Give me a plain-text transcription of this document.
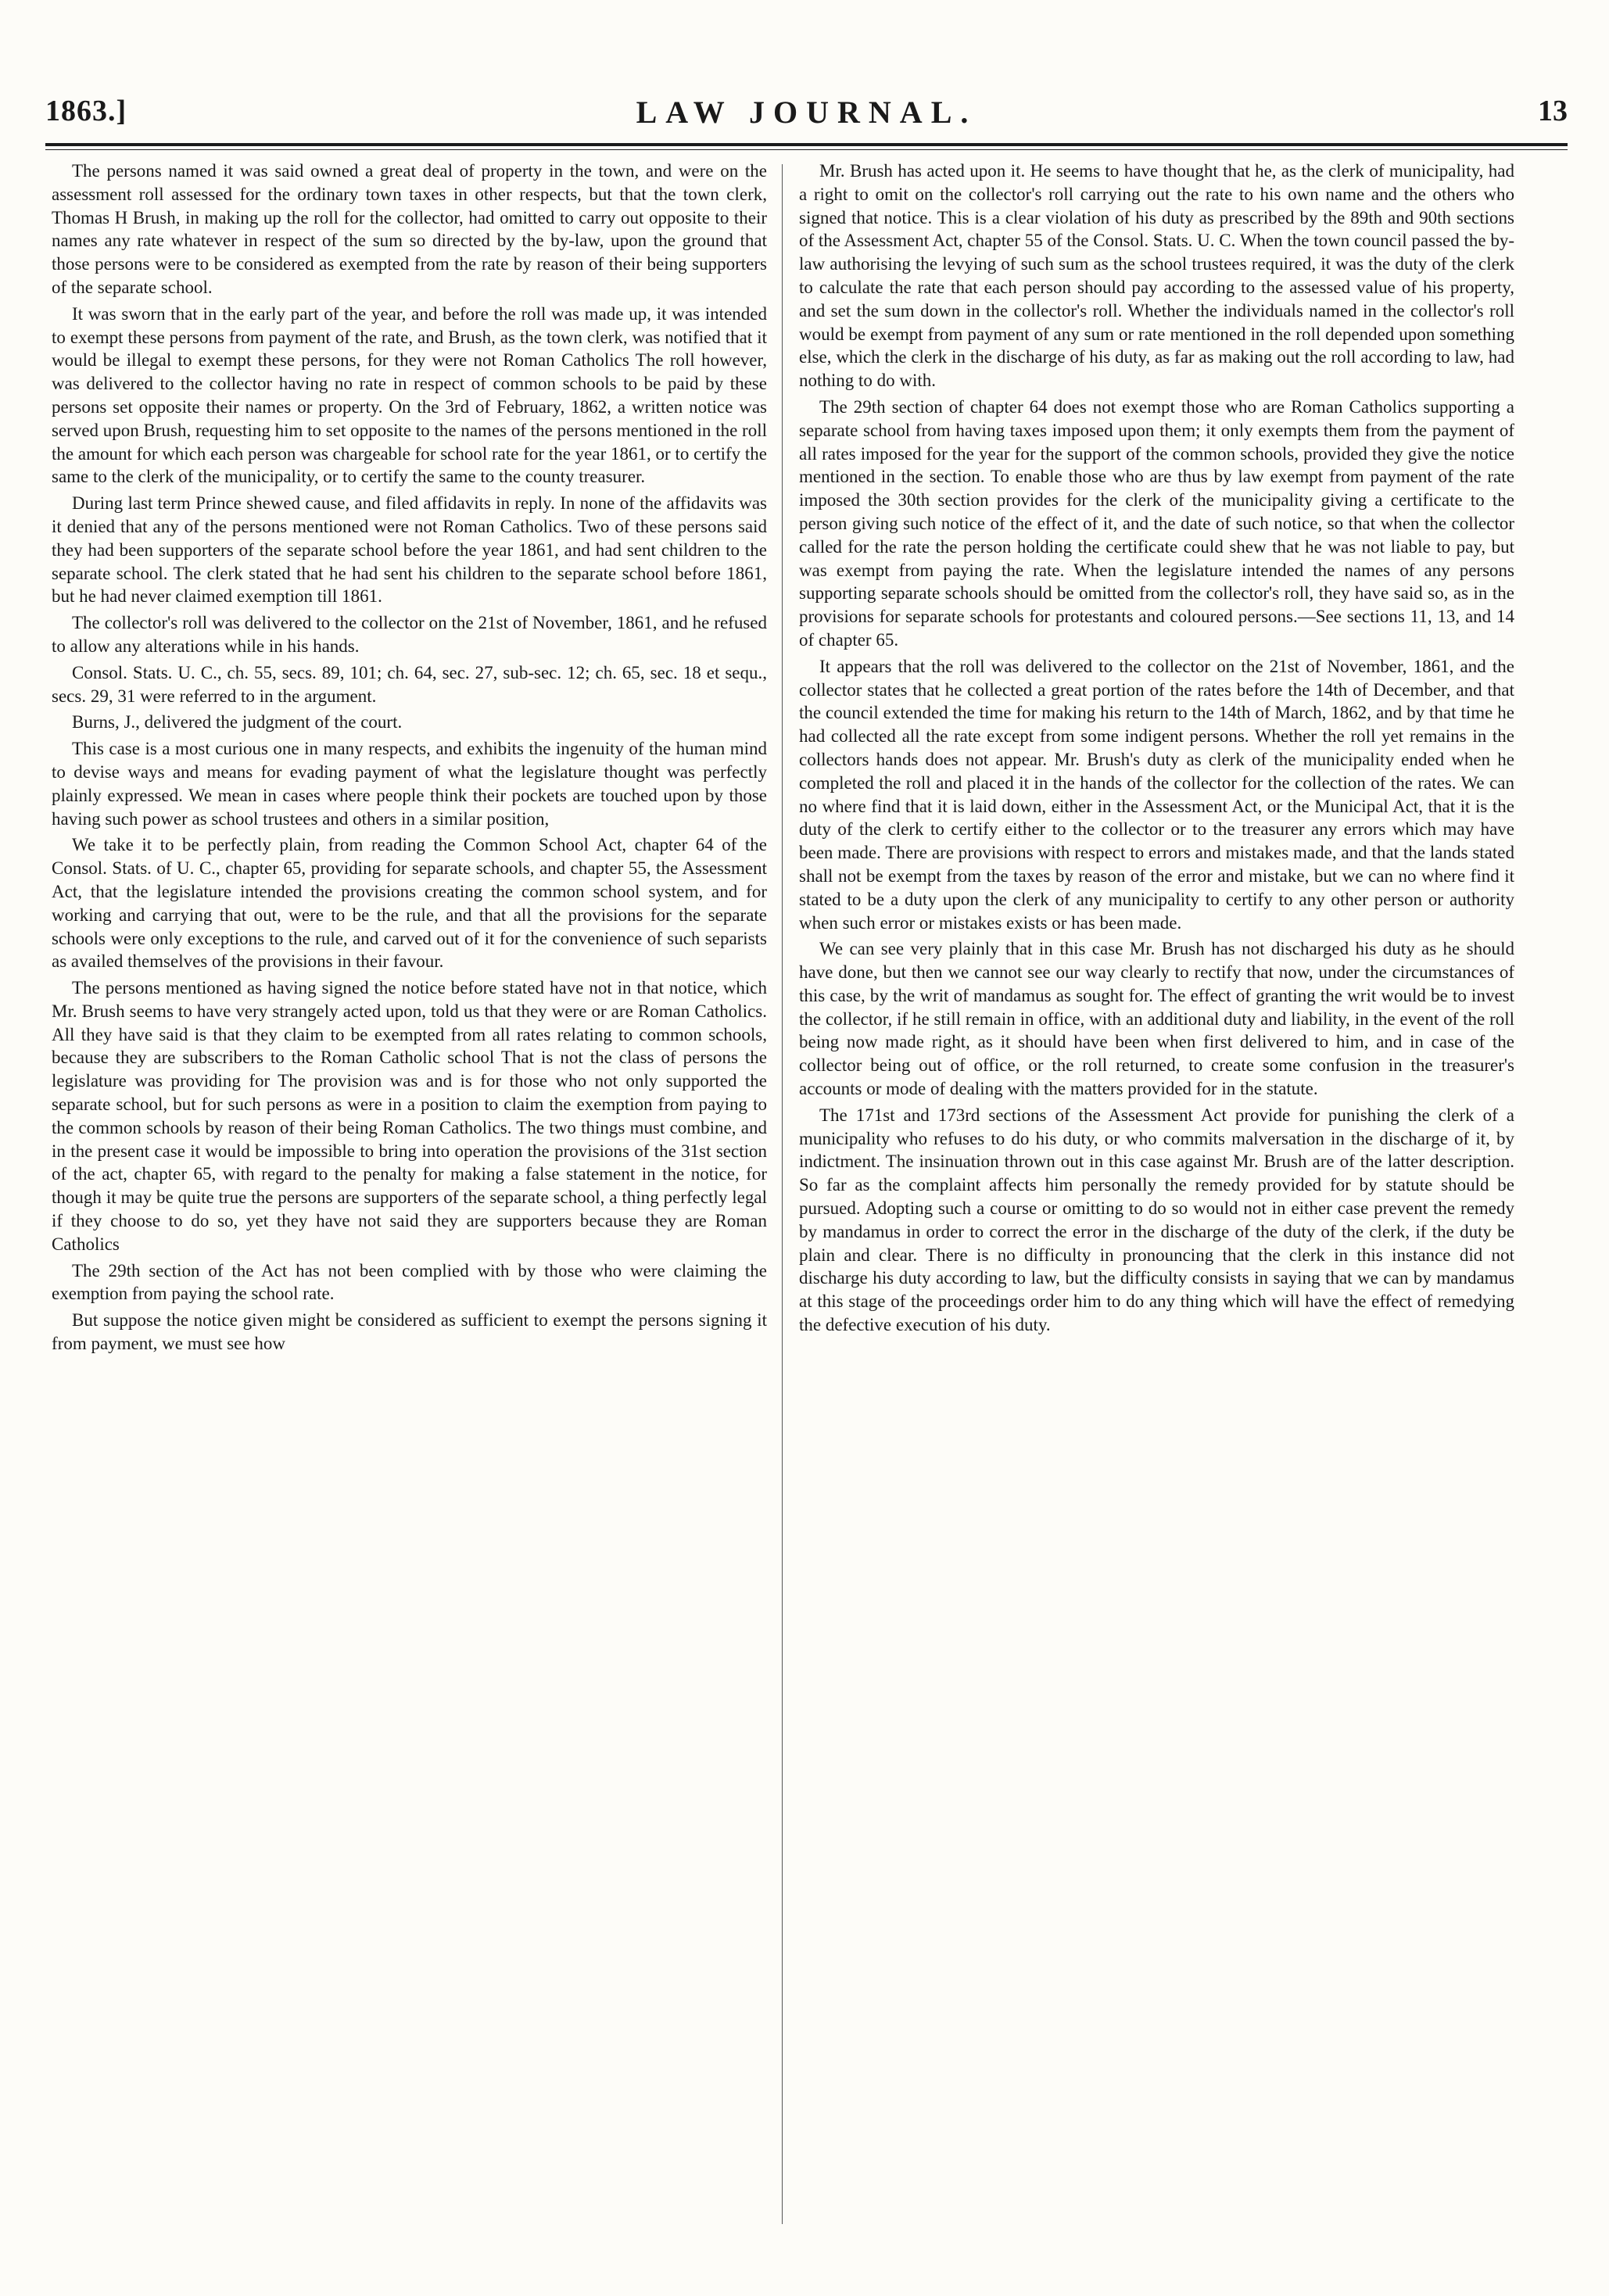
1863.]	LAW JOURNAL.	13

The persons named it was said owned a great deal of property in the town, and were on the assessment roll assessed for the ordinary town taxes in other respects, but that the town clerk, Thomas H Brush, in making up the roll for the collector, had omitted to carry out opposite to their names any rate whatever in respect of the sum so directed by the by-law, upon the ground that those persons were to be considered as exempted from the rate by reason of their being supporters of the separate school.

It was sworn that in the early part of the year, and before the roll was made up, it was intended to exempt these persons from payment of the rate, and Brush, as the town clerk, was notified that it would be illegal to exempt these persons, for they were not Roman Catholics The roll however, was delivered to the collector having no rate in respect of common schools to be paid by these persons set opposite their names or property. On the 3rd of February, 1862, a written notice was served upon Brush, requesting him to set opposite to the names of the persons mentioned in the roll the amount for which each person was chargeable for school rate for the year 1861, or to certify the same to the clerk of the municipality, or to certify the same to the county treasurer.

During last term Prince shewed cause, and filed affidavits in reply. In none of the affidavits was it denied that any of the persons mentioned were not Roman Catholics. Two of these persons said they had been supporters of the separate school before the year 1861, and had sent children to the separate school. The clerk stated that he had sent his children to the separate school before 1861, but he had never claimed exemption till 1861.

The collector's roll was delivered to the collector on the 21st of November, 1861, and he refused to allow any alterations while in his hands.

Consol. Stats. U. C., ch. 55, secs. 89, 101; ch. 64, sec. 27, sub-sec. 12; ch. 65, sec. 18 et sequ., secs. 29, 31 were referred to in the argument.

Burns, J., delivered the judgment of the court.

This case is a most curious one in many respects, and exhibits the ingenuity of the human mind to devise ways and means for evading payment of what the legislature thought was perfectly plainly expressed. We mean in cases where people think their pockets are touched upon by those having such power as school trustees and others in a similar position,

We take it to be perfectly plain, from reading the Common School Act, chapter 64 of the Consol. Stats. of U. C., chapter 65, providing for separate schools, and chapter 55, the Assessment Act, that the legislature intended the provisions creating the common school system, and for working and carrying that out, were to be the rule, and that all the provisions for the separate schools were only exceptions to the rule, and carved out of it for the convenience of such separists as availed themselves of the provisions in their favour.

The persons mentioned as having signed the notice before stated have not in that notice, which Mr. Brush seems to have very strangely acted upon, told us that they were or are Roman Catholics. All they have said is that they claim to be exempted from all rates relating to common schools, because they are subscribers to the Roman Catholic school That is not the class of persons the legislature was providing for The provision was and is for those who not only supported the separate school, but for such persons as were in a position to claim the exemption from paying to the common schools by reason of their being Roman Catholics. The two things must combine, and in the present case it would be impossible to bring into operation the provisions of the 31st section of the act, chapter 65, with regard to the penalty for making a false statement in the notice, for though it may be quite true the persons are supporters of the separate school, a thing perfectly legal if they choose to do so, yet they have not said they are supporters because they are Roman Catholics

The 29th section of the Act has not been complied with by those who were claiming the exemption from paying the school rate.

But suppose the notice given might be considered as sufficient to exempt the persons signing it from payment, we must see how

Mr. Brush has acted upon it. He seems to have thought that he, as the clerk of municipality, had a right to omit on the collector's roll carrying out the rate to his own name and the others who signed that notice. This is a clear violation of his duty as prescribed by the 89th and 90th sections of the Assessment Act, chapter 55 of the Consol. Stats. U. C. When the town council passed the by-law authorising the levying of such sum as the school trustees required, it was the duty of the clerk to calculate the rate that each person should pay according to the assessed value of his property, and set the sum down in the collector's roll. Whether the individuals named in the collector's roll would be exempt from payment of any sum or rate mentioned in the roll depended upon something else, which the clerk in the discharge of his duty, as far as making out the roll according to law, had nothing to do with.

The 29th section of chapter 64 does not exempt those who are Roman Catholics supporting a separate school from having taxes imposed upon them; it only exempts them from the payment of all rates imposed for the year for the support of the common schools, provided they give the notice mentioned in the section. To enable those who are thus by law exempt from payment of the rate imposed the 30th section provides for the clerk of the municipality giving a certificate to the person giving such notice of the effect of it, and the date of such notice, so that when the collector called for the rate the person holding the certificate could shew that he was not liable to pay, but was exempt from paying the rate. When the legislature intended the names of any persons supporting separate schools should be omitted from the collector's roll, they have said so, as in the provisions for separate schools for protestants and coloured persons.—See sections 11, 13, and 14 of chapter 65.

It appears that the roll was delivered to the collector on the 21st of November, 1861, and the collector states that he collected a great portion of the rates before the 14th of December, and that the council extended the time for making his return to the 14th of March, 1862, and by that time he had collected all the rate except from some indigent persons. Whether the roll yet remains in the collectors hands does not appear. Mr. Brush's duty as clerk of the municipality ended when he completed the roll and placed it in the hands of the collector for the collection of the rates. We can no where find that it is laid down, either in the Assessment Act, or the Municipal Act, that it is the duty of the clerk to certify either to the collector or to the treasurer any errors which may have been made. There are provisions with respect to errors and mistakes made, and that the lands stated shall not be exempt from the taxes by reason of the error and mistake, but we can no where find it stated to be a duty upon the clerk of any municipality to certify to any other person or authority when such error or mistakes exists or has been made.

We can see very plainly that in this case Mr. Brush has not discharged his duty as he should have done, but then we cannot see our way clearly to rectify that now, under the circumstances of this case, by the writ of mandamus as sought for. The effect of granting the writ would be to invest the collector, if he still remain in office, with an additional duty and liability, in the event of the roll being now made right, as it should have been when first delivered to him, and in case of the collector being out of office, or the roll returned, to create some confusion in the treasurer's accounts or mode of dealing with the matters provided for in the statute.

The 171st and 173rd sections of the Assessment Act provide for punishing the clerk of a municipality who refuses to do his duty, or who commits malversation in the discharge of it, by indictment. The insinuation thrown out in this case against Mr. Brush are of the latter description. So far as the complaint affects him personally the remedy provided for by statute should be pursued. Adopting such a course or omitting to do so would not in either case prevent the remedy by mandamus in order to correct the error in the discharge of the duty of the clerk, if the duty be plain and clear. There is no difficulty in pronouncing that the clerk in this instance did not discharge his duty according to law, but the difficulty consists in saying that we can by mandamus at this stage of the proceedings order him to do any thing which will have the effect of remedying the defective execution of his duty.
